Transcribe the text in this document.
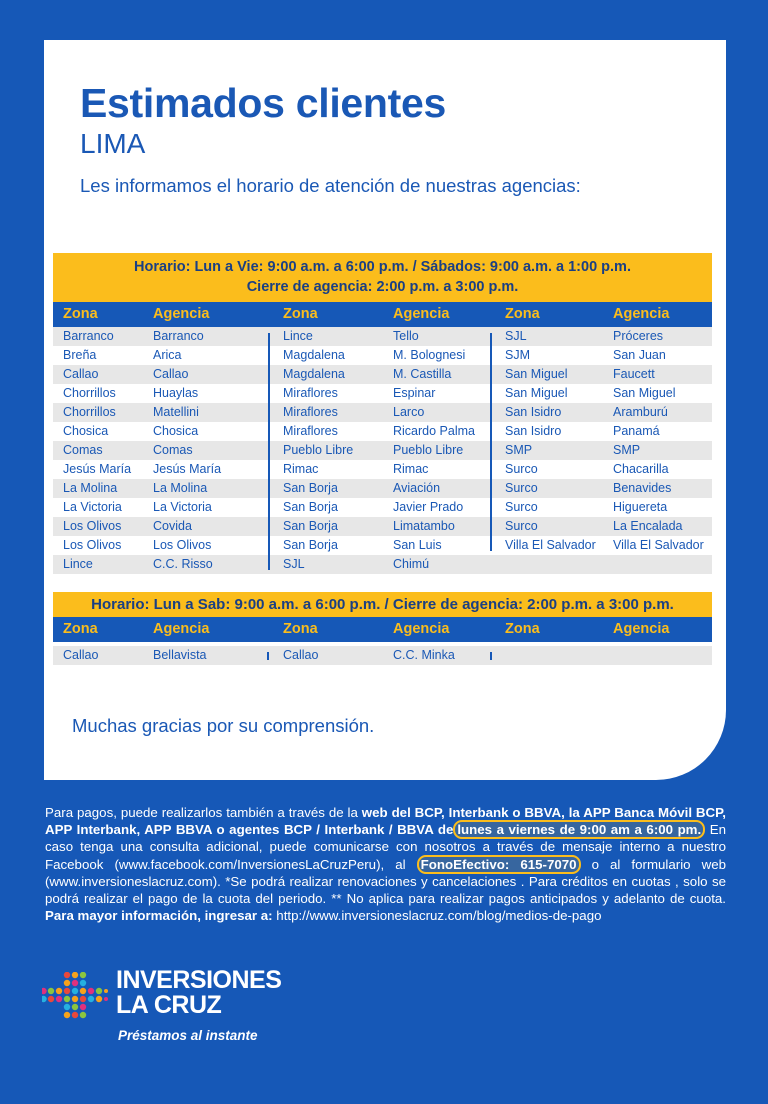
Estimados clientes
LIMA
Les informamos el horario de atención de nuestras agencias:
Horario: Lun a Vie: 9:00 a.m. a 6:00 p.m. / Sábados: 9:00 a.m. a 1:00 p.m.
Cierre de agencia: 2:00 p.m. a 3:00 p.m.
Zona	Agencia	Zona	Agencia	Zona	Agencia
Barranco	Barranco	Lince	Tello	SJL	Próceres
Breña	Arica	Magdalena	M. Bolognesi	SJM	San Juan
Callao	Callao	Magdalena	M. Castilla	San Miguel	Faucett
Chorrillos	Huaylas	Miraflores	Espinar	San Miguel	San Miguel
Chorrillos	Matellini	Miraflores	Larco	San Isidro	Aramburú
Chosica	Chosica	Miraflores	Ricardo Palma	San Isidro	Panamá
Comas	Comas	Pueblo Libre	Pueblo Libre	SMP	SMP
Jesús María	Jesús María	Rimac	Rimac	Surco	Chacarilla
La Molina	La Molina	San Borja	Aviación	Surco	Benavides
La Victoria	La Victoria	San Borja	Javier Prado	Surco	Higuereta
Los Olivos	Covida	San Borja	Limatambo	Surco	La Encalada
Los Olivos	Los Olivos	San Borja	San Luis	Villa El Salvador	Villa El Salvador
Lince	C.C. Risso	SJL	Chimú
Horario: Lun a Sab: 9:00 a.m. a 6:00 p.m. / Cierre de agencia: 2:00 p.m. a 3:00 p.m.
Zona	Agencia	Zona	Agencia	Zona	Agencia
Callao	Bellavista	Callao	C.C. Minka
Muchas gracias por su comprensión.
Para pagos, puede realizarlos también a través de la web del BCP, Interbank o BBVA, la APP Banca Móvil BCP, APP Interbank, APP BBVA o agentes BCP / Interbank / BBVA de lunes a viernes de 9:00 am a 6:00 pm. En caso tenga una consulta adicional, puede comunicarse con nosotros a través de mensaje interno a nuestro Facebook (www.facebook.com/InversionesLaCruzPeru), al FonoEfectivo: 615-7070 o al formulario web (www.inversioneslacruz.com). *Se podrá realizar renovaciones y cancelaciones . Para créditos en cuotas , solo se podrá realizar el pago de la cuota del periodo. ** No aplica para realizar pagos anticipados y adelanto de cuota. Para mayor información, ingresar a: http://www.inversioneslacruz.com/blog/medios-de-pago
INVERSIONES
LA CRUZ
Préstamos al instante
